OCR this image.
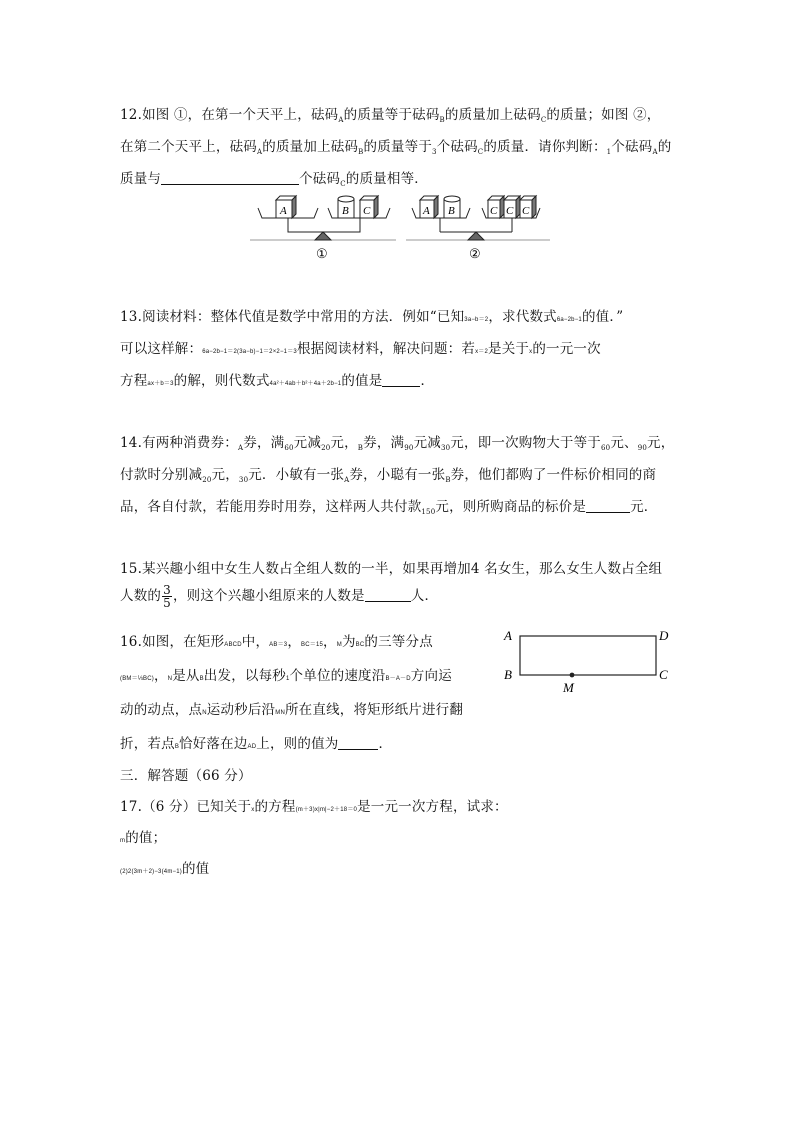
12.如图 ①，在第一个天平上，砝码$_A$的质量等于砝码$_B$的质量加上砝码$_C$的质量；如图 ②，
在第二个天平上，砝码$_A$的质量加上砝码$_B$的质量等于$_3$个砝码$_C$的质量．请你判断：$_1$个砝码$_A$的
质量与	个砝码$_C$的质量相等．
A	B C	A B	C C C
①	②
13.阅读材料：整体代值是数学中常用的方法．例如“已知3a−b＝2，求代数式6a−2b−1的值．”
可以这样解：6a−2b−1＝2(3a−b)−1＝2×2−1＝3根据阅读材料，解决问题：若x＝2是关于x的一元一次
方程ax＋b＝3的解，则代数式4a²＋4ab＋b²＋4a＋2b−1的值是	．
14.有两种消费券：$_A$券，满$_{60}$元减$_{20}$元，$_B$券，满$_{90}$元减$_{30}$元，即一次购物大于等于$_{60}$元、$_{90}$元，
付款时分别减$_{20}$元，$_{30}$元．小敏有一张$_A$券，小聪有一张$_B$券，他们都购了一件标价相同的商
品，各自付款，若能用券时用券，这样两人共付款$_{150}$元，则所购商品的标价是	元．
15.某兴趣小组中女生人数占全组人数的一半，如果再增加4 名女生，那么女生人数占全组
人数的 $\frac{3}{5}$ ，则这个兴趣小组原来的人数是	人．
16.如图，在矩形ABCD中，AB＝3，BC＝15，M为BC的三等分点
(BM＝⅓BC)，N是从B出发，以每秒1个单位的速度沿B－A－D方向运
动的动点，点N运动秒后沿MN所在直线，将矩形纸片进行翻
折，若点B恰好落在边AD上，则的值为	．
A	D
B	C
M
三．解答题（66 分）
17.（6 分）已知关于x的方程(m＋3)x|m|−2＋18＝0是一元一次方程，试求：
m的值；
(2)2(3m＋2)−3(4m−1)的值
